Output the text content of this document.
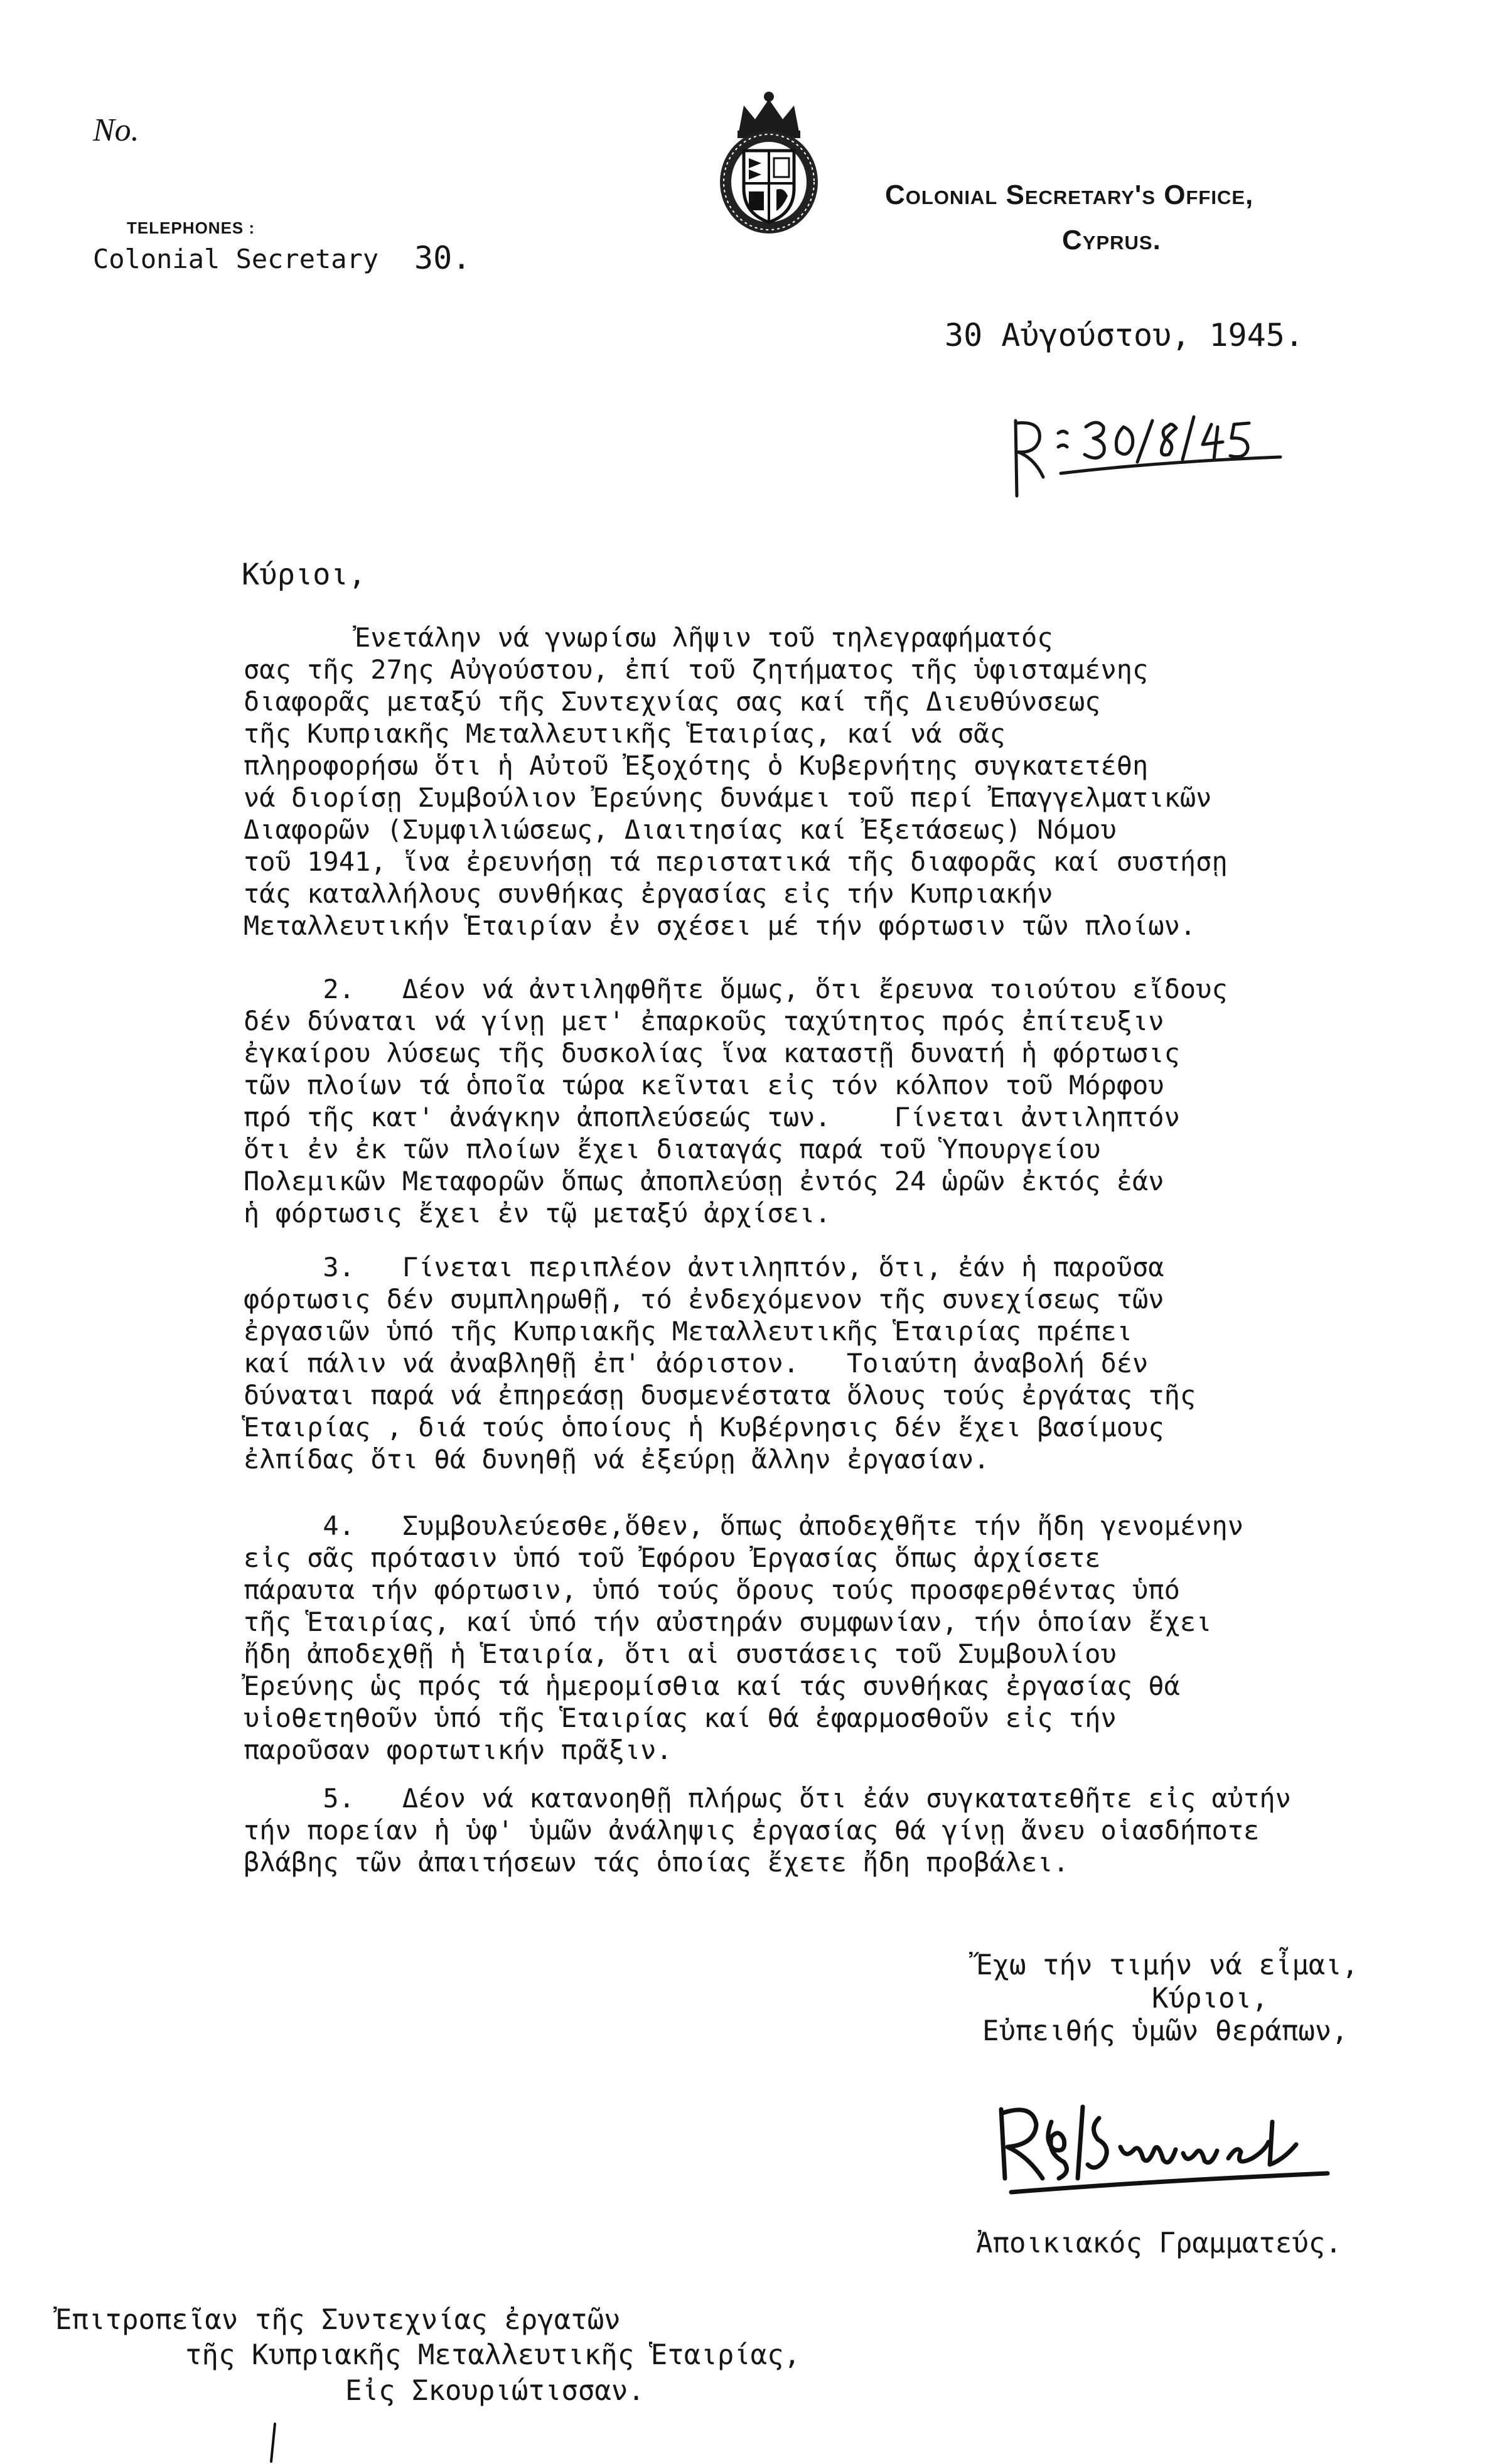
No.
TELEPHONES :
Colonial Secretary 30.
Colonial Secretary's Office,
Cyprus.
30 Αὐγούστου, 1945.
Κύριοι,
Ἐνετάλην νά γνωρίσω λῆψιν τοῦ τηλεγραφήματός
σας τῆς 27ης Αὐγούστου, ἐπί τοῦ ζητήματος τῆς ὑφισταμένης
διαφορᾶς μεταξύ τῆς Συντεχνίας σας καί τῆς Διευθύνσεως
τῆς Κυπριακῆς Μεταλλευτικῆς Ἑταιρίας, καί νά σᾶς
πληροφορήσω ὅτι ἡ Αὐτοῦ Ἐξοχότης ὁ Κυβερνήτης συγκατετέθη
νά διορίσῃ Συμβούλιον Ἐρεύνης δυνάμει τοῦ περί Ἐπαγγελματικῶν
Διαφορῶν (Συμφιλιώσεως, Διαιτησίας καί Ἐξετάσεως) Νόμου
τοῦ 1941, ἵνα ἐρευνήσῃ τά περιστατικά τῆς διαφορᾶς καί συστήσῃ
τάς καταλλήλους συνθήκας ἐργασίας εἰς τήν Κυπριακήν
Μεταλλευτικήν Ἑταιρίαν ἐν σχέσει μέ τήν φόρτωσιν τῶν πλοίων.
2.   Δέον νά ἀντιληφθῆτε ὅμως, ὅτι ἔρευνα τοιούτου εἴδους
δέν δύναται νά γίνῃ μετ' ἐπαρκοῦς ταχύτητος πρός ἐπίτευξιν
ἐγκαίρου λύσεως τῆς δυσκολίας ἵνα καταστῇ δυνατή ἡ φόρτωσις
τῶν πλοίων τά ὁποῖα τώρα κεῖνται εἰς τόν κόλπον τοῦ Μόρφου
πρό τῆς κατ' ἀνάγκην ἀποπλεύσεώς των.    Γίνεται ἀντιληπτόν
ὅτι ἐν ἐκ τῶν πλοίων ἔχει διαταγάς παρά τοῦ Ὑπουργείου
Πολεμικῶν Μεταφορῶν ὅπως ἀποπλεύσῃ ἐντός 24 ὡρῶν ἐκτός ἐάν
ἡ φόρτωσις ἔχει ἐν τῷ μεταξύ ἀρχίσει.
3.   Γίνεται περιπλέον ἀντιληπτόν, ὅτι, ἐάν ἡ παροῦσα
φόρτωσις δέν συμπληρωθῇ, τό ἐνδεχόμενον τῆς συνεχίσεως τῶν
ἐργασιῶν ὑπό τῆς Κυπριακῆς Μεταλλευτικῆς Ἑταιρίας πρέπει
καί πάλιν νά ἀναβληθῇ ἐπ' ἀόριστον.   Τοιαύτη ἀναβολή δέν
δύναται παρά νά ἐπηρεάσῃ δυσμενέστατα ὅλους τούς ἐργάτας τῆς
Ἑταιρίας , διά τούς ὁποίους ἡ Κυβέρνησις δέν ἔχει βασίμους
ἐλπίδας ὅτι θά δυνηθῇ νά ἐξεύρῃ ἄλλην ἐργασίαν.
4.   Συμβουλεύεσθε,ὅθεν, ὅπως ἀποδεχθῆτε τήν ἤδη γενομένην
εἰς σᾶς πρότασιν ὑπό τοῦ Ἐφόρου Ἐργασίας ὅπως ἀρχίσετε
πάραυτα τήν φόρτωσιν, ὑπό τούς ὅρους τούς προσφερθέντας ὑπό
τῆς Ἑταιρίας, καί ὑπό τήν αὐστηράν συμφωνίαν, τήν ὁποίαν ἔχει
ἤδη ἀποδεχθῇ ἡ Ἑταιρία, ὅτι αἱ συστάσεις τοῦ Συμβουλίου
Ἐρεύνης ὡς πρός τά ἡμερομίσθια καί τάς συνθήκας ἐργασίας θά
υἱοθετηθοῦν ὑπό τῆς Ἑταιρίας καί θά ἐφαρμοσθοῦν εἰς τήν
παροῦσαν φορτωτικήν πρᾶξιν.
5.   Δέον νά κατανοηθῇ πλήρως ὅτι ἐάν συγκατατεθῆτε εἰς αὐτήν
τήν πορείαν ἡ ὑφ' ὑμῶν ἀνάληψις ἐργασίας θά γίνῃ ἄνευ οἱασδήποτε
βλάβης τῶν ἀπαιτήσεων τάς ὁποίας ἔχετε ἤδη προβάλει.
Ἔχω τήν τιμήν νά εἶμαι,
Κύριοι,
Εὐπειθής ὑμῶν θεράπων,
Ἀποικιακός Γραμματεύς.
Ἐπιτροπεῖαν τῆς Συντεχνίας ἐργατῶν
τῆς Κυπριακῆς Μεταλλευτικῆς Ἑταιρίας,
Εἰς Σκουριώτισσαν.
